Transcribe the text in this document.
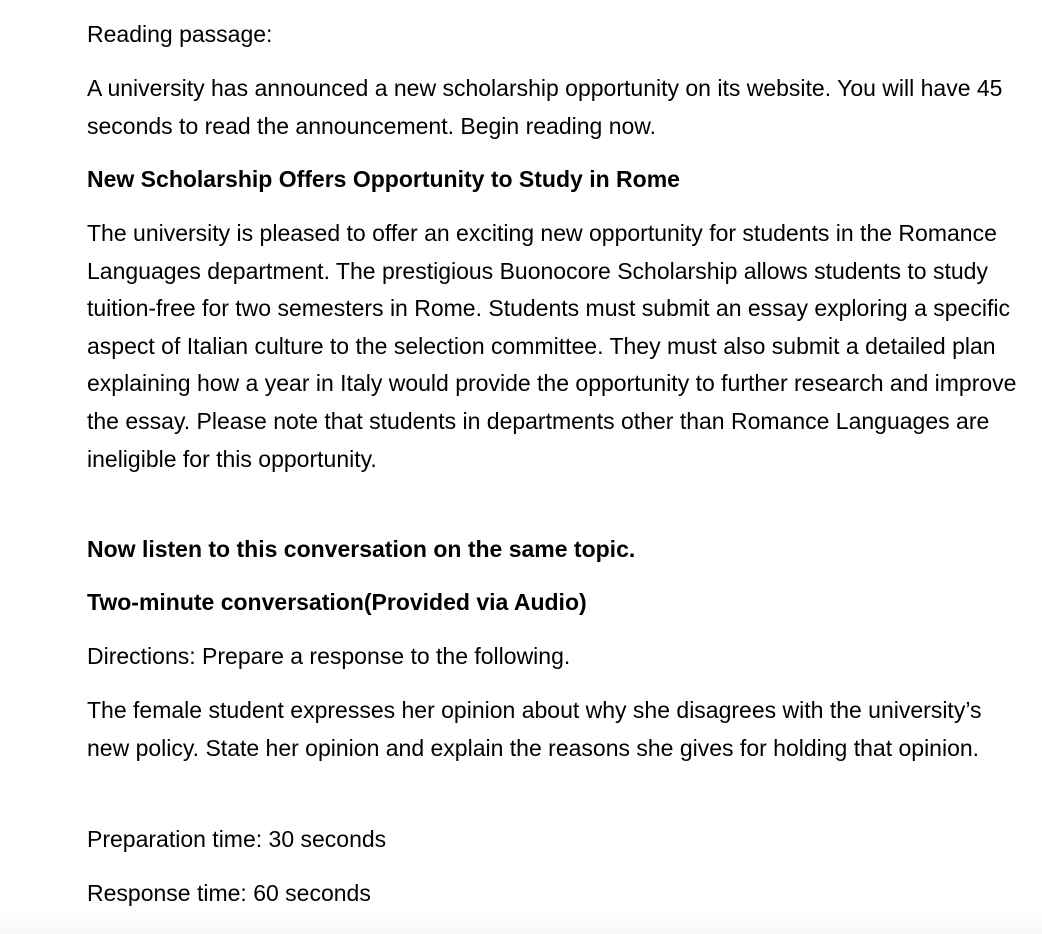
Reading passage:

A university has announced a new scholarship opportunity on its website. You will have 45 seconds to read the announcement. Begin reading now.

New Scholarship Offers Opportunity to Study in Rome

The university is pleased to offer an exciting new opportunity for students in the Romance Languages department. The prestigious Buonocore Scholarship allows students to study tuition-free for two semesters in Rome. Students must submit an essay exploring a specific aspect of Italian culture to the selection committee. They must also submit a detailed plan explaining how a year in Italy would provide the opportunity to further research and improve the essay. Please note that students in departments other than Romance Languages are ineligible for this opportunity.

Now listen to this conversation on the same topic.

Two-minute conversation(Provided via Audio)

Directions: Prepare a response to the following.

The female student expresses her opinion about why she disagrees with the university’s new policy. State her opinion and explain the reasons she gives for holding that opinion.

Preparation time: 30 seconds

Response time: 60 seconds
